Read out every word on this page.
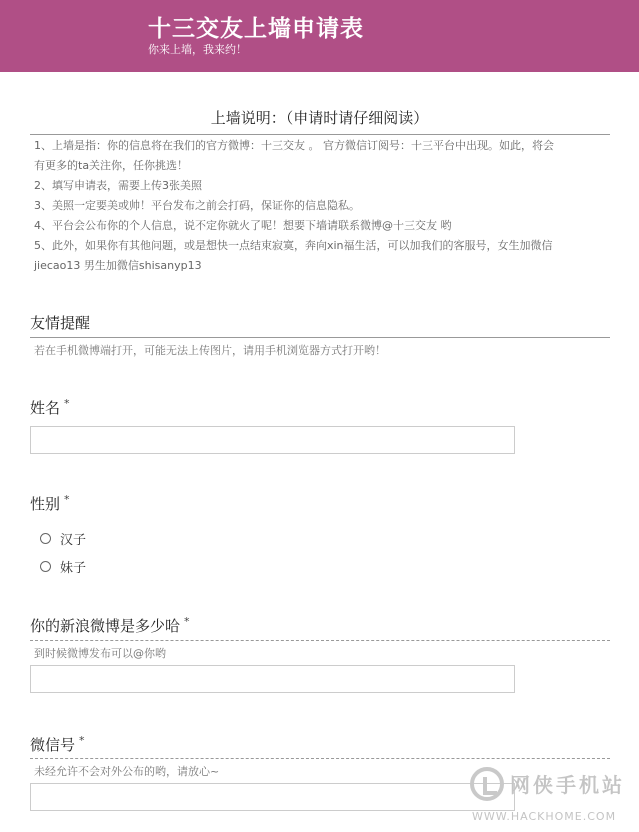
十三交友上墙申请表
你来上墙，我来约！
上墙说明：（申请时请仔细阅读）
1、上墙是指：你的信息将在我们的官方微博：十三交友 。 官方微信订阅号：十三平台中出现。如此，将会
有更多的ta关注你，任你挑选！
2、填写申请表，需要上传3张美照
3、美照一定要美或帅！平台发布之前会打码，保证你的信息隐私。
4、平台会公布你的个人信息，说不定你就火了呢！想要下墙请联系微博@十三交友 哟
5、此外，如果你有其他问题，或是想快一点结束寂寞，奔向xin福生活，可以加我们的客服号，女生加微信
jiecao13 男生加微信shisanyp13
友情提醒
若在手机微博端打开，可能无法上传图片，请用手机浏览器方式打开哟！
姓名 *
性别 *
汉子
妹子
你的新浪微博是多少哈 *
到时候微博发布可以@你哟
微信号 *
未经允许不会对外公布的哟，请放心~
网侠手机站
WWW.HACKHOME.COM
